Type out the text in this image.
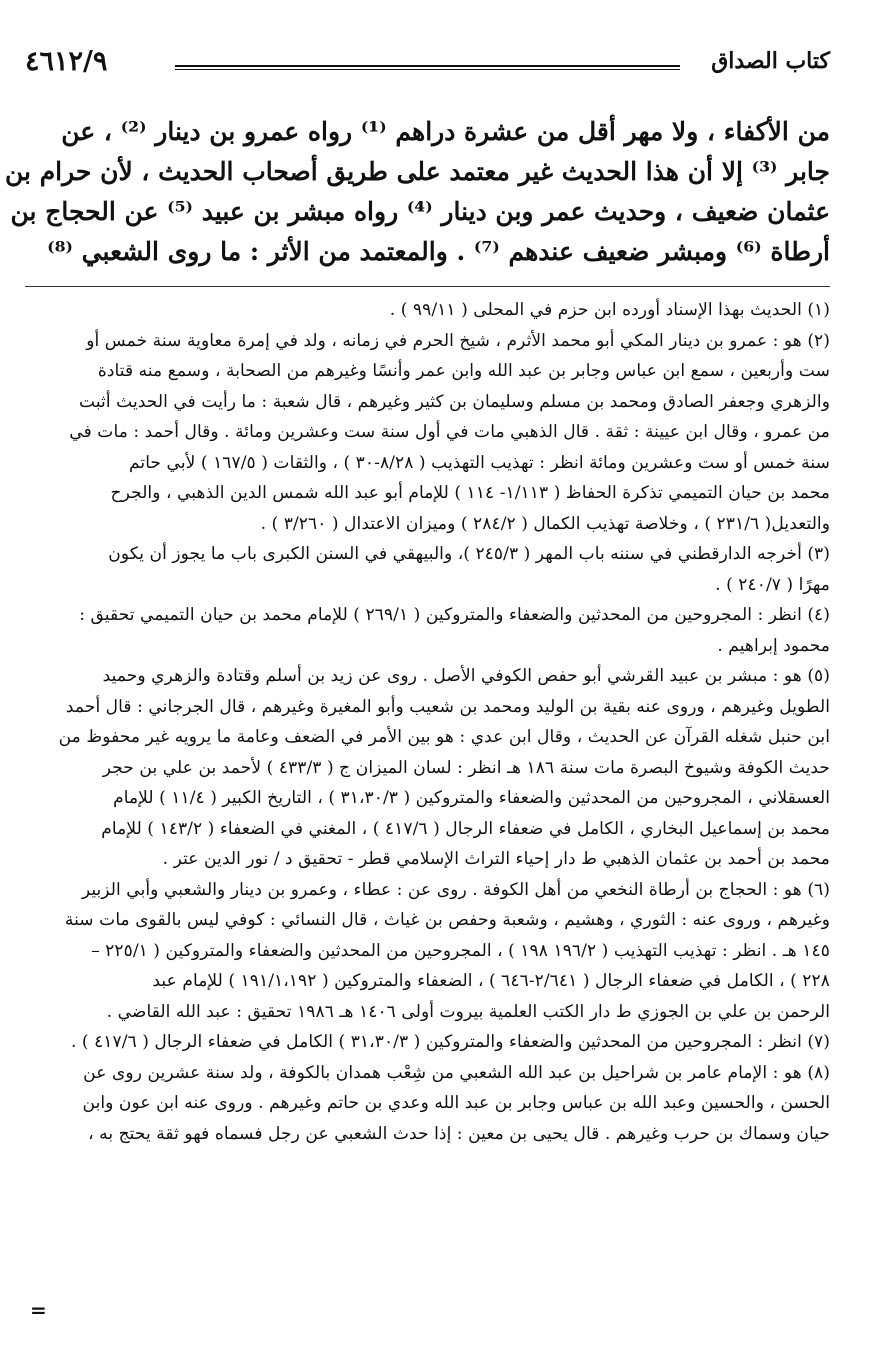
كتاب الصداق
٤٦١٢/٩
من الأكفاء ، ولا مهر أقل من عشرة دراهم ⁽¹⁾ رواه عمرو بن دينار ⁽²⁾ ، عن
جابر ⁽³⁾ إلا أن هذا الحديث غير معتمد على طريق أصحاب الحديث ، لأن حرام بن
عثمان ضعيف ، وحديث عمر وبن دينار ⁽⁴⁾ رواه مبشر بن عبيد ⁽⁵⁾ عن الحجاج بن
أرطاة ⁽⁶⁾ ومبشر ضعيف عندهم ⁽⁷⁾ . والمعتمد من الأثر : ما روى الشعبي ⁽⁸⁾
(١) الحديث بهذا الإسناد أورده ابن حزم في المحلى ( ٩٩/١١ ) .
(٢) هو : عمرو بن دينار المكي أبو محمد الأثرم ، شيخ الحرم في زمانه ، ولد في إمرة معاوية سنة خمس أو
ست وأربعين ، سمع ابن عباس وجابر بن عبد الله وابن عمر وأنسًا وغيرهم من الصحابة ، وسمع منه قتادة
والزهري وجعفر الصادق ومحمد بن مسلم وسليمان بن كثير وغيرهم ، قال شعبة : ما رأيت في الحديث أثبت
من عمرو ، وقال ابن عيينة : ثقة . قال الذهبي مات في أول سنة ست وعشرين ومائة . وقال أحمد : مات في
سنة خمس أو ست وعشرين ومائة انظر : تهذيب التهذيب ( ٨/٢٨-٣٠ ) ، والثقات ( ١٦٧/٥ ) لأبي حاتم
محمد بن حيان التميمي تذكرة الحفاظ ( ١/١١٣- ١١٤ ) للإمام أبو عبد الله شمس الدين الذهبي ، والجرح
والتعديل( ٢٣١/٦ ) ، وخلاصة تهذيب الكمال ( ٢٨٤/٢ ) وميزان الاعتدال ( ٣/٢٦٠ ) .
(٣) أخرجه الدارقطني في سننه باب المهر ( ٢٤٥/٣ )، والبيهقي في السنن الكبرى باب ما يجوز أن يكون
مهرًا ( ٢٤٠/٧ ) .
(٤) انظر : المجروحين من المحدثين والضعفاء والمتروكين ( ٢٦٩/١ ) للإمام محمد بن حيان التميمي تحقيق :
محمود إبراهيم .
(٥) هو : مبشر بن عبيد القرشي أبو حفص الكوفي الأصل . روى عن زيد بن أسلم وقتادة والزهري وحميد
الطويل وغيرهم ، وروى عنه بقية بن الوليد ومحمد بن شعيب وأبو المغيرة وغيرهم ، قال الجرجاني : قال أحمد
ابن حنبل شغله القرآن عن الحديث ، وقال ابن عدي : هو بين الأمر في الضعف وعامة ما يرويه غير محفوظ من
حديث الكوفة وشيوخ البصرة مات سنة ١٨٦ هـ انظر : لسان الميزان ج ( ٤٣٣/٣ ) لأحمد بن علي بن حجر
العسقلاني ، المجروحين من المحدثين والضعفاء والمتروكين ( ٣١،٣٠/٣ ) ، التاريخ الكبير ( ١١/٤ ) للإمام
محمد بن إسماعيل البخاري ، الكامل في ضعفاء الرجال ( ٤١٧/٦ ) ، المغني في الضعفاء ( ١٤٣/٢ ) للإمام
محمد بن أحمد بن عثمان الذهبي ط دار إحياء التراث الإسلامي قطر - تحقيق د / نور الدين عتر .
(٦) هو : الحجاج بن أرطاة النخعي من أهل الكوفة . روى عن : عطاء ، وعمرو بن دينار والشعبي وأبي الزبير
وغيرهم ، وروى عنه : الثوري ، وهشيم ، وشعبة وحفص بن غياث ، قال النسائي : كوفي ليس بالقوى مات سنة
١٤٥ هـ . انظر : تهذيب التهذيب ( ١٩٦/٢ ١٩٨ ) ، المجروحين من المحدثين والضعفاء والمتروكين ( ٢٢٥/١ –
٢٢٨ ) ، الكامل في ضعفاء الرجال ( ٢/٦٤١-٦٤٦ ) ، الضعفاء والمتروكين ( ١٩١/١،١٩٢ ) للإمام عبد
الرحمن بن علي بن الجوزي ط دار الكتب العلمية بيروت أولى ١٤٠٦ هـ ١٩٨٦ تحقيق : عبد الله القاضي .
(٧) انظر : المجروحين من المحدثين والضعفاء والمتروكين ( ٣١،٣٠/٣ ) الكامل في ضعفاء الرجال ( ٤١٧/٦ ) .
(٨) هو : الإمام عامر بن شراحيل بن عبد الله الشعبي من شِعْب همدان بالكوفة ، ولد سنة عشرين روى عن
الحسن ، والحسين وعبد الله بن عباس وجابر بن عبد الله وعدي بن حاتم وغيرهم . وروى عنه ابن عون وابن
حيان وسماك بن حرب وغيرهم . قال يحيى بن معين : إذا حدث الشعبي عن رجل فسماه فهو ثقة يحتج به ،
=
